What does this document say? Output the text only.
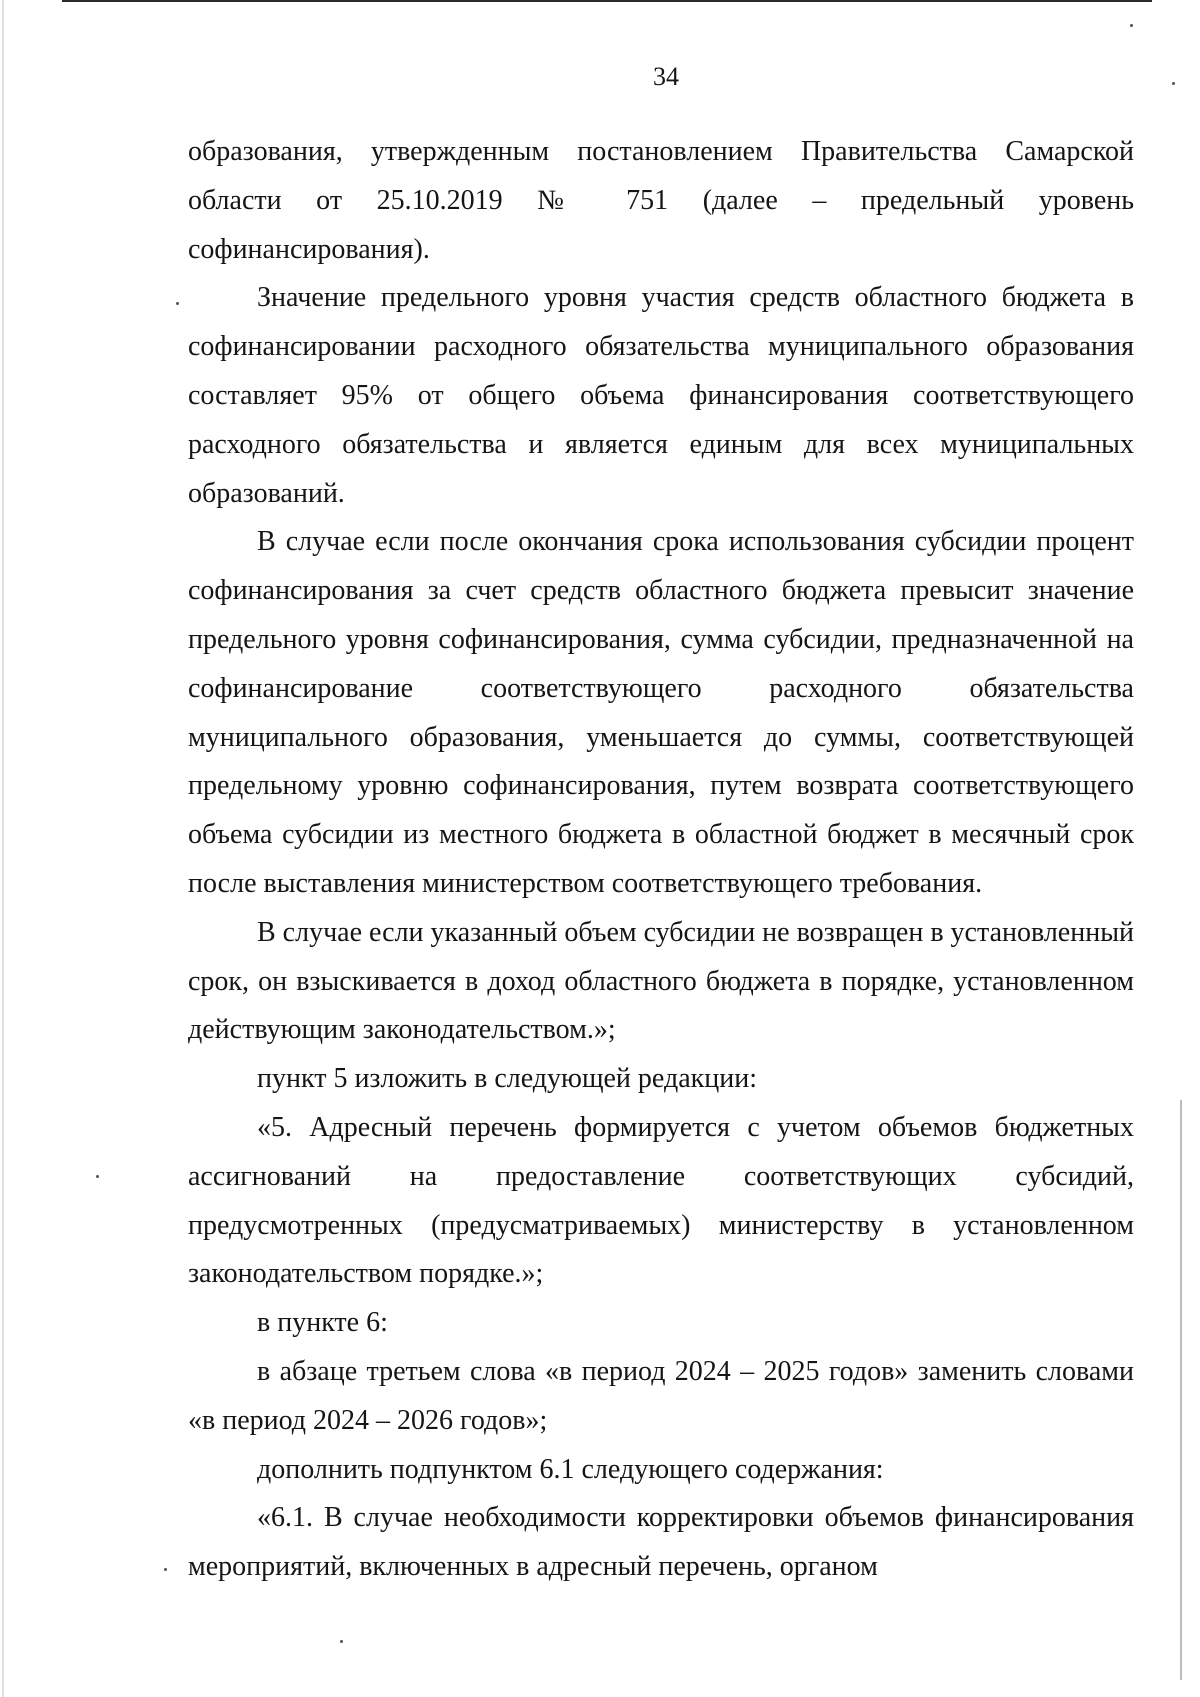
34

образования, утвержденным постановлением Правительства Самарской области от 25.10.2019 № 751 (далее – предельный уровень софинансирования).

Значение предельного уровня участия средств областного бюджета в софинансировании расходного обязательства муниципального образования составляет 95% от общего объема финансирования соответствующего расходного обязательства и является единым для всех муниципальных образований.

В случае если после окончания срока использования субсидии процент софинансирования за счет средств областного бюджета превысит значение предельного уровня софинансирования, сумма субсидии, предназначенной на софинансирование соответствующего расходного обязательства муниципального образования, уменьшается до суммы, соответствующей предельному уровню софинансирования, путем возврата соответствующего объема субсидии из местного бюджета в областной бюджет в месячный срок после выставления министерством соответствующего требования.

В случае если указанный объем субсидии не возвращен в установленный срок, он взыскивается в доход областного бюджета в порядке, установленном действующим законодательством.»;

пункт 5 изложить в следующей редакции:

«5. Адресный перечень формируется с учетом объемов бюджетных ассигнований на предоставление соответствующих субсидий, предусмотренных (предусматриваемых) министерству в установленном законодательством порядке.»;

в пункте 6:

в абзаце третьем слова «в период 2024 – 2025 годов» заменить словами «в период 2024 – 2026 годов»;

дополнить подпунктом 6.1 следующего содержания:

«6.1. В случае необходимости корректировки объемов финансирования мероприятий, включенных в адресный перечень, органом
